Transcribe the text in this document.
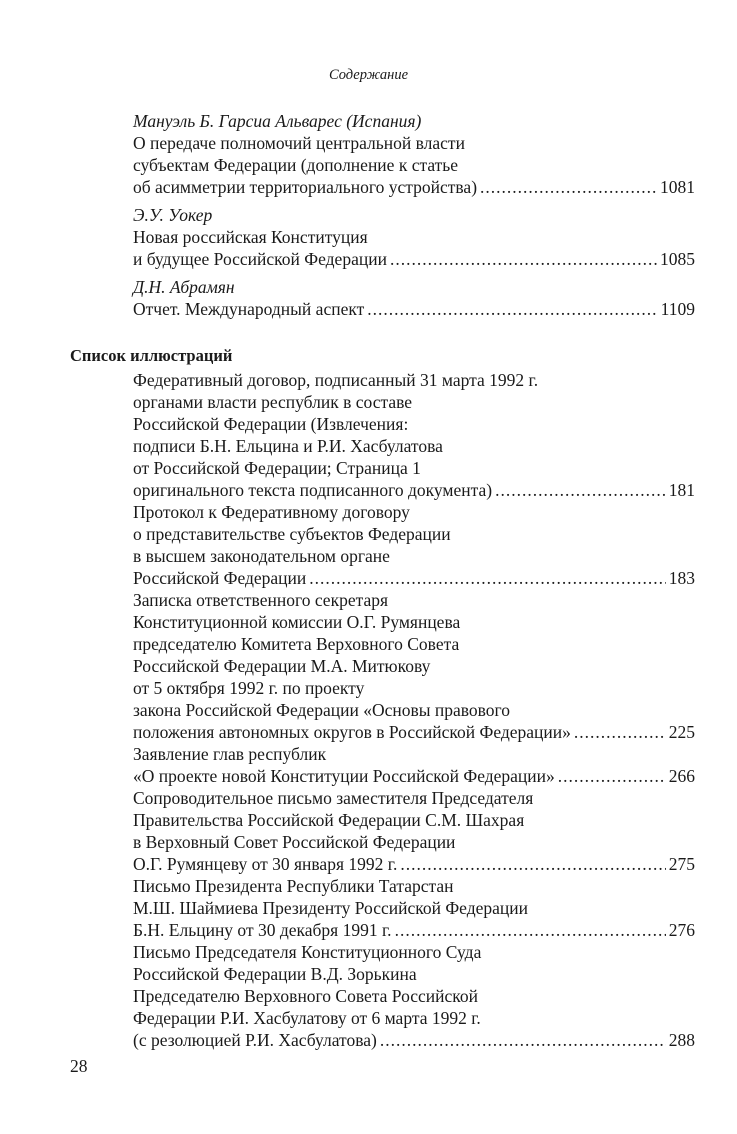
Содержание
Мануэль Б. Гарсиа Альварес (Испания)
О передаче полномочий центральной власти
субъектам Федерации (дополнение к статье
об асимметрии территориального устройства) .....	1081
Э.У. Уокер
Новая российская Конституция
и будущее Российской Федерации .....	1085
Д.Н. Абрамян
Отчет. Международный аспект .....	1109
Список иллюстраций
Федеративный договор, подписанный 31 марта 1992 г.
органами власти республик в составе
Российской Федерации (Извлечения:
подписи Б.Н. Ельцина и Р.И. Хасбулатова
от Российской Федерации; Страница 1
оригинального текста подписанного документа) .....	181
Протокол к Федеративному договору
о представительстве субъектов Федерации
в высшем законодательном органе
Российской Федерации .....	183
Записка ответственного секретаря
Конституционной комиссии О.Г. Румянцева
председателю Комитета Верховного Совета
Российской Федерации М.А. Митюкову
от 5 октября 1992 г. по проекту
закона Российской Федерации «Основы правового
положения автономных округов в Российской Федерации» .....	225
Заявление глав республик
«О проекте новой Конституции Российской Федерации» .....	266
Сопроводительное письмо заместителя Председателя
Правительства Российской Федерации С.М. Шахрая
в Верховный Совет Российской Федерации
О.Г. Румянцеву от 30 января 1992 г. .....	275
Письмо Президента Республики Татарстан
М.Ш. Шаймиева Президенту Российской Федерации
Б.Н. Ельцину от 30 декабря 1991 г. .....	276
Письмо Председателя Конституционного Суда
Российской Федерации В.Д. Зорькина
Председателю Верховного Совета Российской
Федерации Р.И. Хасбулатову от 6 марта 1992 г.
(с резолюцией Р.И. Хасбулатова) .....	288
28
